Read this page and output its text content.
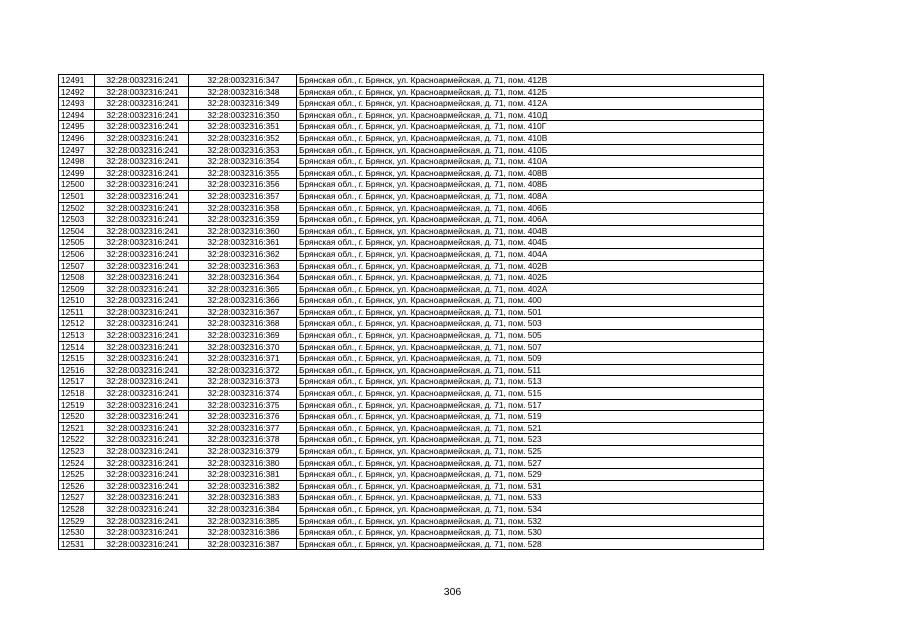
12491	32:28:0032316:241	32:28:0032316:347	Брянская обл., г. Брянск, ул. Красноармейская, д. 71, пом. 412В
12492	32:28:0032316:241	32:28:0032316:348	Брянская обл., г. Брянск, ул. Красноармейская, д. 71, пом. 412Б
12493	32:28:0032316:241	32:28:0032316:349	Брянская обл., г. Брянск, ул. Красноармейская, д. 71, пом. 412А
12494	32:28:0032316:241	32:28:0032316:350	Брянская обл., г. Брянск, ул. Красноармейская, д. 71, пом. 410Д
12495	32:28:0032316:241	32:28:0032316:351	Брянская обл., г. Брянск, ул. Красноармейская, д. 71, пом. 410Г
12496	32:28:0032316:241	32:28:0032316:352	Брянская обл., г. Брянск, ул. Красноармейская, д. 71, пом. 410В
12497	32:28:0032316:241	32:28:0032316:353	Брянская обл., г. Брянск, ул. Красноармейская, д. 71, пом. 410Б
12498	32:28:0032316:241	32:28:0032316:354	Брянская обл., г. Брянск, ул. Красноармейская, д. 71, пом. 410А
12499	32:28:0032316:241	32:28:0032316:355	Брянская обл., г. Брянск, ул. Красноармейская, д. 71, пом. 408В
12500	32:28:0032316:241	32:28:0032316:356	Брянская обл., г. Брянск, ул. Красноармейская, д. 71, пом. 408Б
12501	32:28:0032316:241	32:28:0032316:357	Брянская обл., г. Брянск, ул. Красноармейская, д. 71, пом. 408А
12502	32:28:0032316:241	32:28:0032316:358	Брянская обл., г. Брянск, ул. Красноармейская, д. 71, пом. 406Б
12503	32:28:0032316:241	32:28:0032316:359	Брянская обл., г. Брянск, ул. Красноармейская, д. 71, пом. 406А
12504	32:28:0032316:241	32:28:0032316:360	Брянская обл., г. Брянск, ул. Красноармейская, д. 71, пом. 404В
12505	32:28:0032316:241	32:28:0032316:361	Брянская обл., г. Брянск, ул. Красноармейская, д. 71, пом. 404Б
12506	32:28:0032316:241	32:28:0032316:362	Брянская обл., г. Брянск, ул. Красноармейская, д. 71, пом. 404А
12507	32:28:0032316:241	32:28:0032316:363	Брянская обл., г. Брянск, ул. Красноармейская, д. 71, пом. 402В
12508	32:28:0032316:241	32:28:0032316:364	Брянская обл., г. Брянск, ул. Красноармейская, д. 71, пом. 402Б
12509	32:28:0032316:241	32:28:0032316:365	Брянская обл., г. Брянск, ул. Красноармейская, д. 71, пом. 402А
12510	32:28:0032316:241	32:28:0032316:366	Брянская обл., г. Брянск, ул. Красноармейская, д. 71, пом. 400
12511	32:28:0032316:241	32:28:0032316:367	Брянская обл., г. Брянск, ул. Красноармейская, д. 71, пом. 501
12512	32:28:0032316:241	32:28:0032316:368	Брянская обл., г. Брянск, ул. Красноармейская, д. 71, пом. 503
12513	32:28:0032316:241	32:28:0032316:369	Брянская обл., г. Брянск, ул. Красноармейская, д. 71, пом. 505
12514	32:28:0032316:241	32:28:0032316:370	Брянская обл., г. Брянск, ул. Красноармейская, д. 71, пом. 507
12515	32:28:0032316:241	32:28:0032316:371	Брянская обл., г. Брянск, ул. Красноармейская, д. 71, пом. 509
12516	32:28:0032316:241	32:28:0032316:372	Брянская обл., г. Брянск, ул. Красноармейская, д. 71, пом. 511
12517	32:28:0032316:241	32:28:0032316:373	Брянская обл., г. Брянск, ул. Красноармейская, д. 71, пом. 513
12518	32:28:0032316:241	32:28:0032316:374	Брянская обл., г. Брянск, ул. Красноармейская, д. 71, пом. 515
12519	32:28:0032316:241	32:28:0032316:375	Брянская обл., г. Брянск, ул. Красноармейская, д. 71, пом. 517
12520	32:28:0032316:241	32:28:0032316:376	Брянская обл., г. Брянск, ул. Красноармейская, д. 71, пом. 519
12521	32:28:0032316:241	32:28:0032316:377	Брянская обл., г. Брянск, ул. Красноармейская, д. 71, пом. 521
12522	32:28:0032316:241	32:28:0032316:378	Брянская обл., г. Брянск, ул. Красноармейская, д. 71, пом. 523
12523	32:28:0032316:241	32:28:0032316:379	Брянская обл., г. Брянск, ул. Красноармейская, д. 71, пом. 525
12524	32:28:0032316:241	32:28:0032316:380	Брянская обл., г. Брянск, ул. Красноармейская, д. 71, пом. 527
12525	32:28:0032316:241	32:28:0032316:381	Брянская обл., г. Брянск, ул. Красноармейская, д. 71, пом. 529
12526	32:28:0032316:241	32:28:0032316:382	Брянская обл., г. Брянск, ул. Красноармейская, д. 71, пом. 531
12527	32:28:0032316:241	32:28:0032316:383	Брянская обл., г. Брянск, ул. Красноармейская, д. 71, пом. 533
12528	32:28:0032316:241	32:28:0032316:384	Брянская обл., г. Брянск, ул. Красноармейская, д. 71, пом. 534
12529	32:28:0032316:241	32:28:0032316:385	Брянская обл., г. Брянск, ул. Красноармейская, д. 71, пом. 532
12530	32:28:0032316:241	32:28:0032316:386	Брянская обл., г. Брянск, ул. Красноармейская, д. 71, пом. 530
12531	32:28:0032316:241	32:28:0032316:387	Брянская обл., г. Брянск, ул. Красноармейская, д. 71, пом. 528
306
